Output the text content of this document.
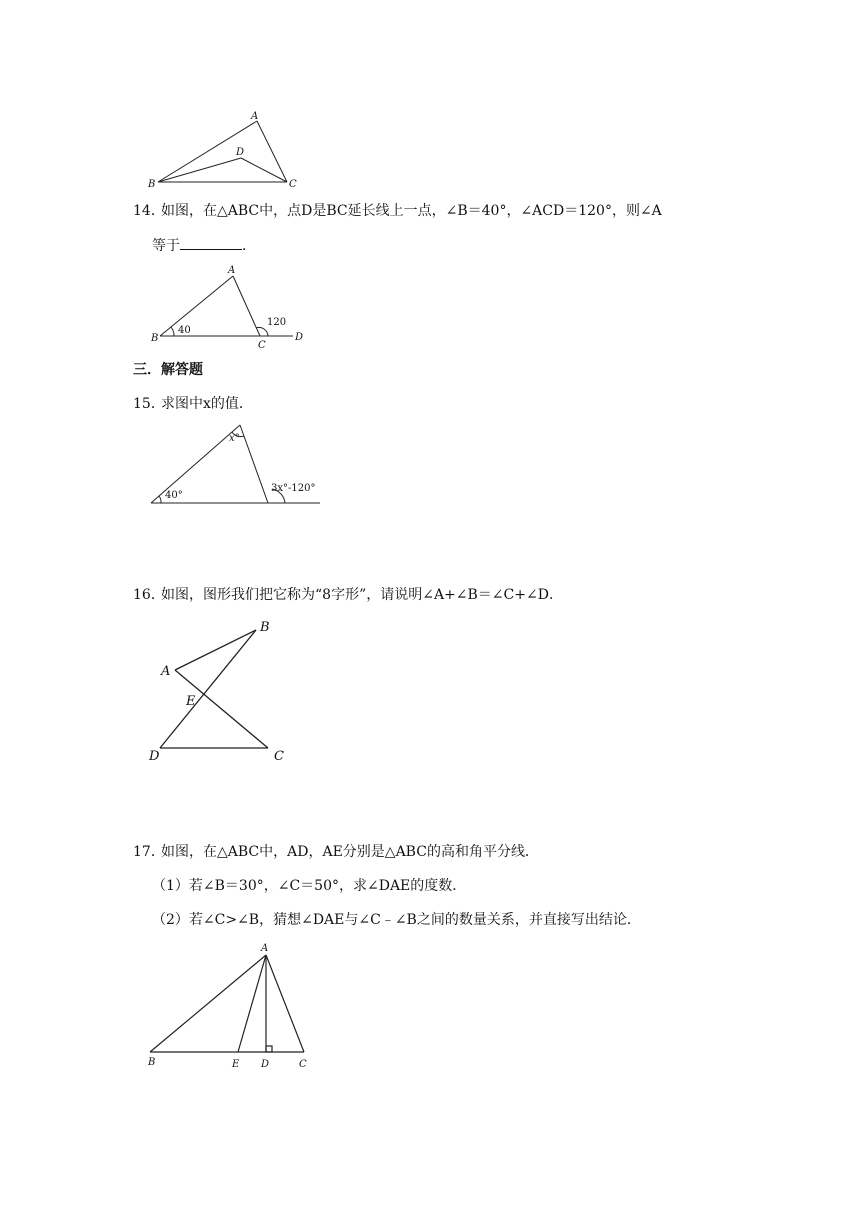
A
D
B	C
14．
如图，在△ABC中，点D是BC延长线上一点，∠B＝40°，∠ACD＝120°，则∠A
等于	．
A
B
C
D
40
120
三．解答题
15．
求图中x的值．
x°
40°
3x°-120°
16．
如图，图形我们把它称为“8字形”，请说明∠A+∠B＝∠C+∠D．
B
A
E
D	C
17．
如图，在△ABC中，AD，AE分别是△ABC的高和角平分线．
（1）若∠B＝30°，∠C＝50°，求∠DAE的度数．
（2）若∠C>∠B，猜想∠DAE与∠C﹣∠B之间的数量关系，并直接写出结论．
A
B	E D	C
